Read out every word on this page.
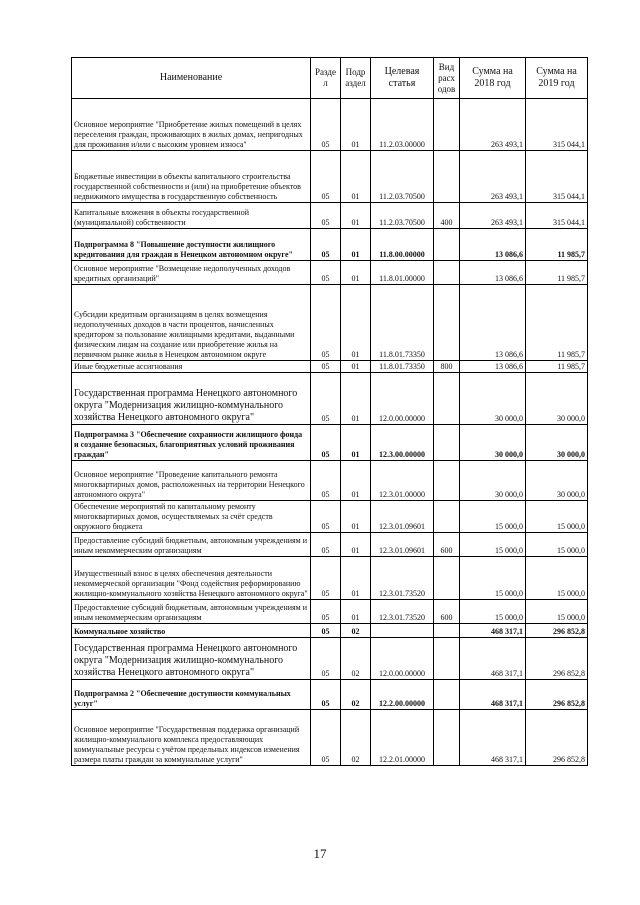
Наименование	Разде л	Подр аздел	Целевая статья	Вид расх одов	Сумма на 2018 год	Сумма на 2019 год
Основное мероприятие "Приобретение жилых помещений в целях переселения граждан, проживающих в жилых домах, непригодных для проживания и/или с высоким уровнем износа"	05	01	11.2.03.00000		263 493,1	315 044,1
Бюджетные инвестиции в объекты капитального строительства государственной собственности и (или) на приобретение объектов недвижимого имущества в государственную собственность	05	01	11.2.03.70500		263 493,1	315 044,1
Капитальные вложения в объекты государственной (муниципальной) собственности	05	01	11.2.03.70500	400	263 493,1	315 044,1
Подпрограмма 8 "Повышение доступности жилищного кредитования для граждан в Ненецком автономном округе"	05	01	11.8.00.00000		13 086,6	11 985,7
Основное мероприятие "Возмещение недополученных доходов кредитных организаций"	05	01	11.8.01.00000		13 086,6	11 985,7
Субсидии кредитным организациям в целях возмещения недополученных доходов в части процентов, начисленных кредитором за пользование жилищными кредитами, выданными физическим лицам на создание или приобретение жилья на первичном рынке жилья в Ненецком автономном округе	05	01	11.8.01.73350		13 086,6	11 985,7
Иные бюджетные ассигнования	05	01	11.8.01.73350	800	13 086,6	11 985,7
Государственная программа Ненецкого автономного округа "Модернизация жилищно-коммунального хозяйства Ненецкого автономного округа"	05	01	12.0.00.00000		30 000,0	30 000,0
Подпрограмма 3 "Обеспечение сохранности жилищного фонда и создание безопасных, благоприятных условий проживания граждан"	05	01	12.3.00.00000		30 000,0	30 000,0
Основное мероприятие "Проведение капитального ремонта многоквартирных домов, расположенных на территории Ненецкого автономного округа"	05	01	12.3.01.00000		30 000,0	30 000,0
Обеспечение мероприятий по капитальному ремонту многоквартирных домов, осуществляемых за счёт средств окружного бюджета	05	01	12.3.01.09601		15 000,0	15 000,0
Предоставление субсидий бюджетным, автономным учреждениям и иным некоммерческим организациям	05	01	12.3.01.09601	600	15 000,0	15 000,0
Имущественный взнос в целях обеспечения деятельности некоммерческой организации "Фонд содействия реформированию жилищно-коммунального хозяйства Ненецкого автономного округа"	05	01	12.3.01.73520		15 000,0	15 000,0
Предоставление субсидий бюджетным, автономным учреждениям и иным некоммерческим организациям	05	01	12.3.01.73520	600	15 000,0	15 000,0
Коммунальное хозяйство	05	02			468 317,1	296 852,8
Государственная программа Ненецкого автономного округа "Модернизация жилищно-коммунального хозяйства Ненецкого автономного округа"	05	02	12.0.00.00000		468 317,1	296 852,8
Подпрограмма 2 "Обеспечение доступности коммунальных услуг"	05	02	12.2.00.00000		468 317,1	296 852,8
Основное мероприятие "Государственная поддержка организаций жилищно-коммунального комплекса предоставляющих коммунальные ресурсы с учётом предельных индексов изменения размера платы граждан за коммунальные услуги"	05	02	12.2.01.00000		468 317,1	296 852,8
17
